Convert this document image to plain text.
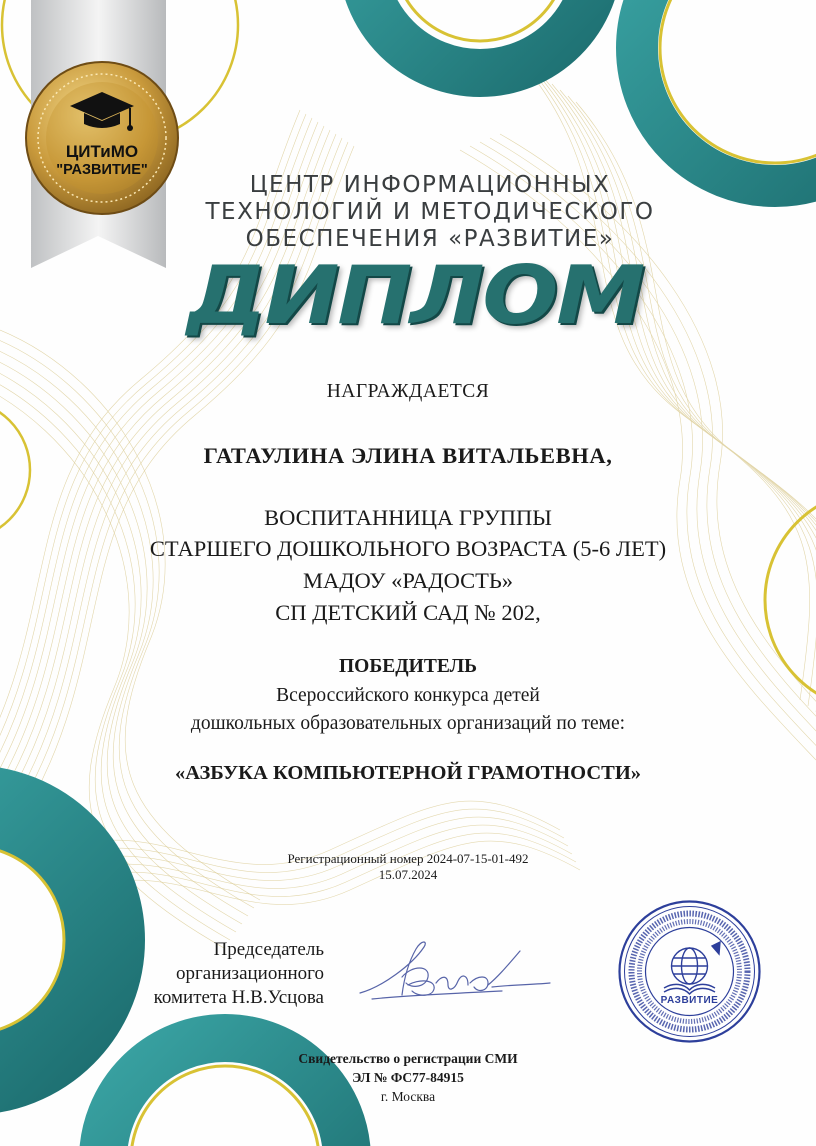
ЦИТиМО
"РАЗВИТИЕ"
ЦЕНТР ИНФОРМАЦИОННЫХ
ТЕХНОЛОГИЙ И МЕТОДИЧЕСКОГО
ОБЕСПЕЧЕНИЯ «РАЗВИТИЕ»
ДИПЛОМ
НАГРАЖДАЕТСЯ
ГАТАУЛИНА ЭЛИНА ВИТАЛЬЕВНА,
ВОСПИТАННИЦА ГРУППЫ
СТАРШЕГО ДОШКОЛЬНОГО ВОЗРАСТА (5-6 ЛЕТ)
МАДОУ «РАДОСТЬ»
СП ДЕТСКИЙ САД № 202,
ПОБЕДИТЕЛЬ
Всероссийского конкурса детей
дошкольных образовательных организаций по теме:
«АЗБУКА КОМПЬЮТЕРНОЙ ГРАМОТНОСТИ»
Регистрационный номер 2024-07-15-01-492
15.07.2024
Председатель
организационного
комитета Н.В.Усцова	РАЗВИТИЕ
Свидетельство о регистрации СМИ
ЭЛ № ФС77-84915
г. Москва
